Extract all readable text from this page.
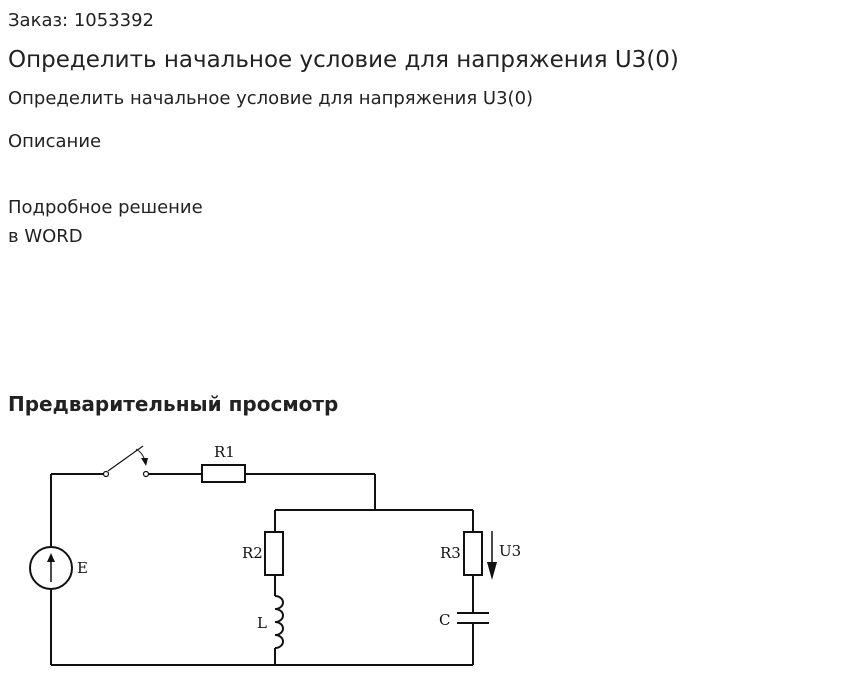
Заказ: 1053392
Определить начальное условие для напряжения U3(0)
Определить начальное условие для напряжения U3(0)
Описание
Подробное решение
в WORD
Предварительный просмотр
R1
R2	R3	U3
E
L	C
